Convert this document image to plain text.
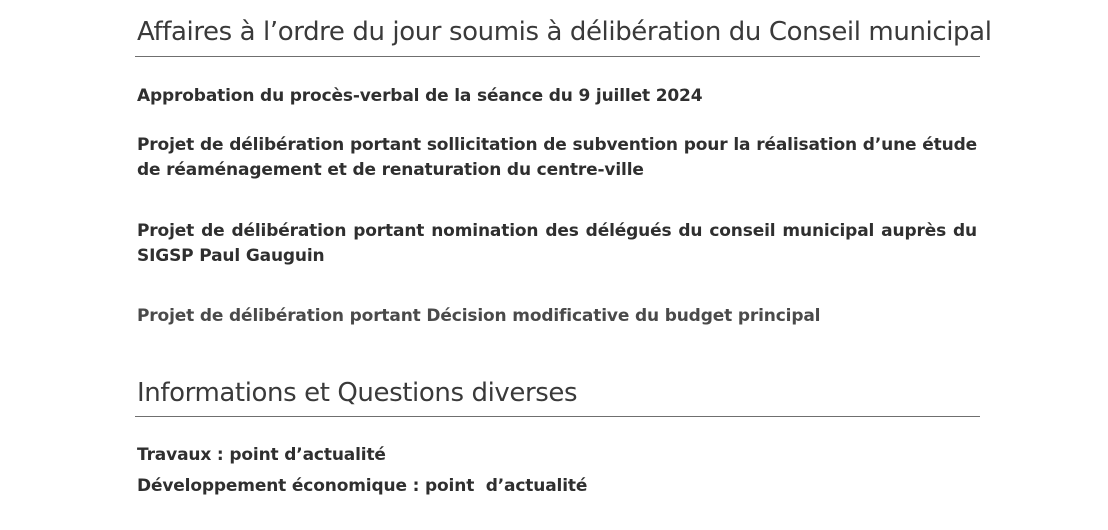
Affaires à l’ordre du jour soumis à délibération du Conseil municipal

Approbation du procès-verbal de la séance du 9 juillet 2024

Projet de délibération portant sollicitation de subvention pour la réalisation d’une étude de réaménagement et de renaturation du centre-ville

Projet de délibération portant nomination des délégués du conseil municipal auprès du SIGSP Paul Gauguin

Projet de délibération portant Décision modificative du budget principal

Informations et Questions diverses

Travaux : point d’actualité

Développement économique : point  d’actualité
